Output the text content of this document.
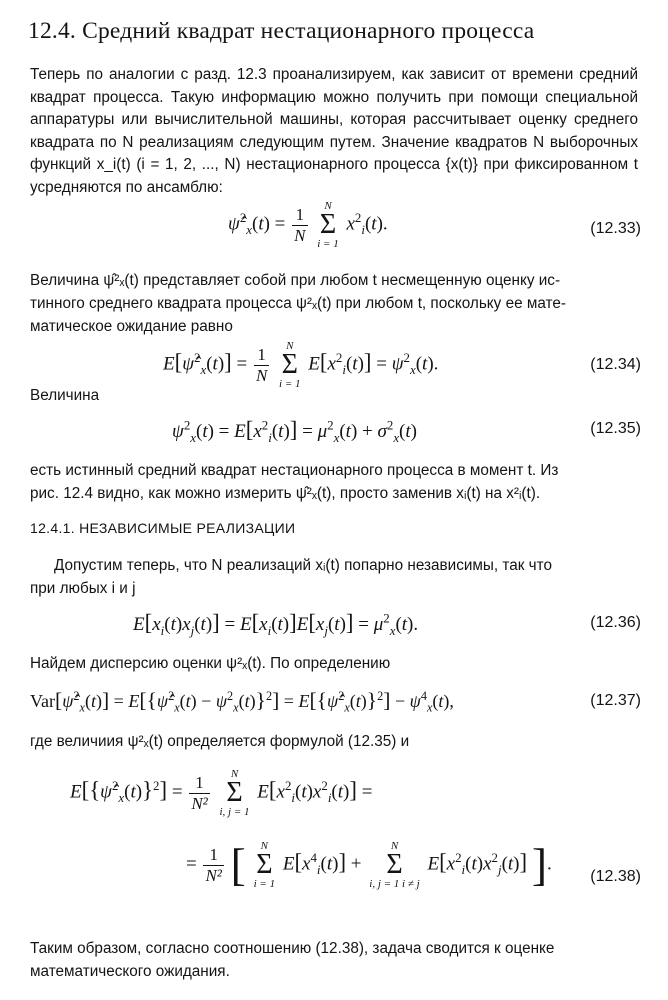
12.4. Средний квадрат нестационарного процесса

Теперь по аналогии с разд. 12.3 проанализируем, как зависит от времени средний квадрат процесса. Такую информацию можно получить при помощи специальной аппаратуры или вычислительной машины, которая рассчитывает оценку среднего квадрата по N реализациям следующим путем. Значение квадратов N выборочных функций x_i(t) (i = 1, 2, ..., N) нестационарного процесса {x(t)} при фиксированном t усредняются по ансамблю:

ψ̂$^2_x$(t) = $\frac{1}{N}$
	N
Σ
i = 1
$x^2_i(t)$.	(12.33)
Величина ψ̂²ₓ(t) представляет собой при любом t несмещенную оценку ис-
тинного среднего квадрата процесса ψ²ₓ(t) при любом t, поскольку ее мате-
матическое ожидание равно
E[ψ̂$^2_x$(t)] = $\frac{1}{N}$
	N
Σ
i = 1
$E[x^2_i(t)] = \psi^2_x(t)$.	(12.34)
Величина
$\psi^2_x(t) = E[x^2_i(t)] = \mu^2_x(t) + \sigma^2_x(t)$	(12.35)
есть истинный средний квадрат нестационарного процесса в момент t. Из
рис. 12.4 видно, как можно измерить ψ̂²ₓ(t), просто заменив xᵢ(t) на x²ᵢ(t).
12.4.1. НЕЗАВИСИМЫЕ РЕАЛИЗАЦИИ
Допустим теперь, что N реализаций xᵢ(t) попарно независимы, так что
при любых i и j
$E[x_i(t)x_j(t)] = E[x_i(t)]E[x_j(t)] = \mu^2_x(t)$.	(12.36)
Найдем дисперсию оценки ψ²ₓ(t). По определению
Var[ψ̂$^2_x$(t)] = E[{ψ̂$^2_x$(t) − $\psi^2_x(t)\}^2$] = E[{ψ̂$^2_x$(t)}$^2$] − $\psi^4_x(t)$,	(12.37)
где величиия ψ²ₓ(t) определяется формулой (12.35) и
E[{ψ̂$^2_x$(t)}$^2$] = $\frac{1}{\text{N²}}$
	N
Σ
i, j = 1
$E[x^2_i(t)x^2_i(t)]$ =
= $\frac{1}{\text{N²}}$ [	N
Σ
i = 1
$E[x^4_i(t)]$ +
N
Σ
i, j = 1 i ≠ j
$E[x^2_i(t)x^2_j(t)]$ ].
(12.38)
Таким образом, согласно соотношению (12.38), задача сводится к оценке
математического ожидания.
